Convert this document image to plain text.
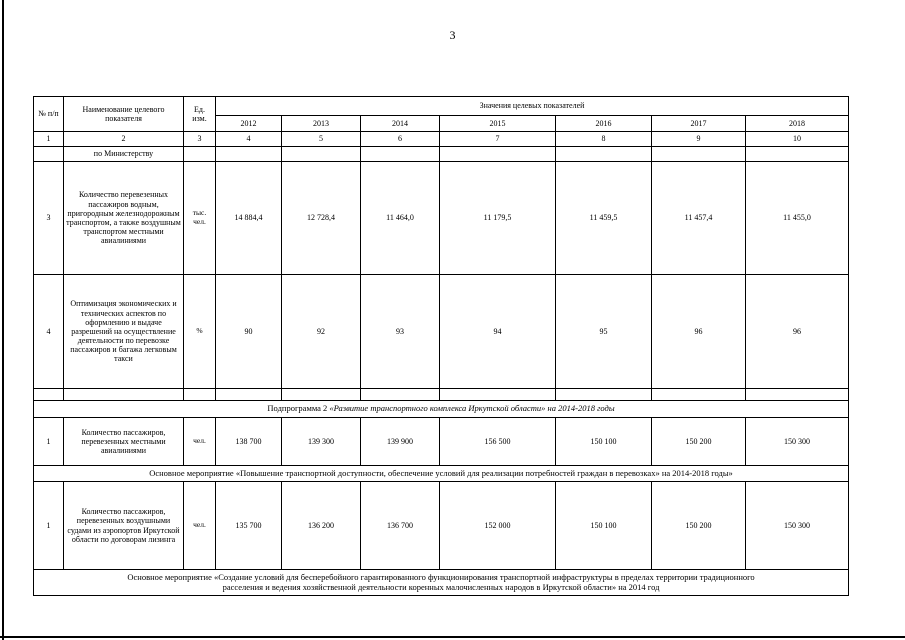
3
№ п/п	Наименование целевого показателя	Ед. изм.	Значения целевых показателей						
			2012	2013	2014	2015	2016	2017	2018
1	2	3	4	5	6	7	8	9	10
	по Министерству								
3	Количество перевезенных пассажиров водным, пригородным железнодорожным транспортом, а также воздушным транспортом местными авиалиниями	тыс. чел.	14 884,4	12 728,4	11 464,0	11 179,5	11 459,5	11 457,4	11 455,0
4	Оптимизация экономических и технических аспектов по оформлению и выдаче разрешений на осуществление деятельности по перевозке пассажиров и багажа легковым такси	%	90	92	93	94	95	96	96

Подпрограмма 2 «Развитие транспортного комплекса Иркутской области» на 2014-2018 годы									
1	Количество пассажиров, перевезенных местными авиалиниями	чел.	138 700	139 300	139 900	156 500	150 100	150 200	150 300
Основное мероприятие «Повышение транспортной доступности, обеспечение условий для реализации потребностей граждан в перевозках» на 2014-2018 годы»									
1	Количество пассажиров, перевезенных воздушными судами из аэропортов Иркутской области по договорам лизинга	чел.	135 700	136 200	136 700	152 000	150 100	150 200	150 300
Основное мероприятие «Создание условий для бесперебойного гарантированного функционирования транспортной инфраструктуры в пределах территории традиционного
расселения и ведения хозяйственной деятельности коренных малочисленных народов в Иркутской области» на 2014 год									
